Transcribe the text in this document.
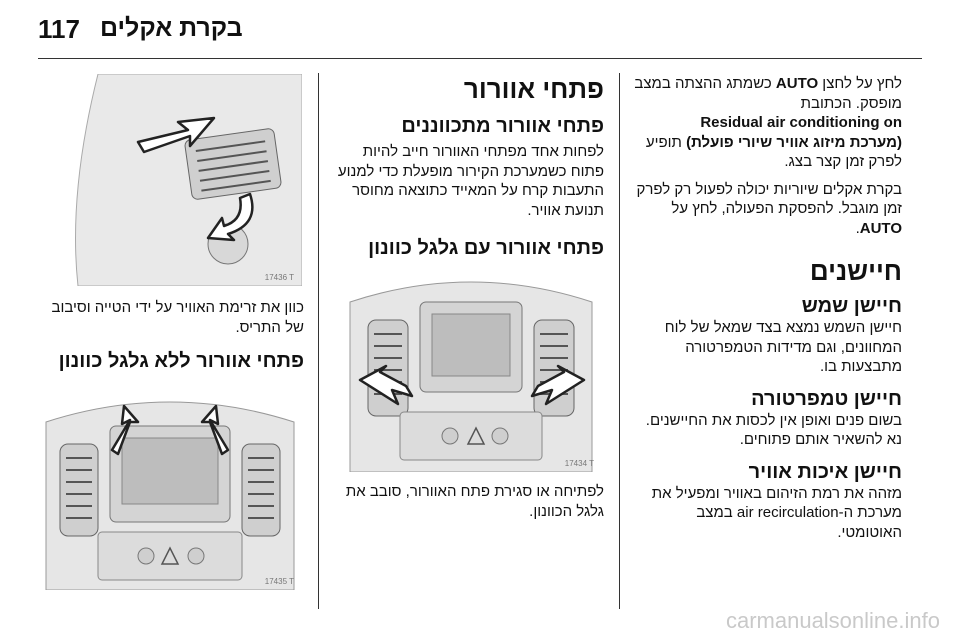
117 בקרת אקלים

לחץ על לחצן AUTO כשמתג ההצתה במצב מופסק. הכתובת
Residual air conditioning on
(מערכת מיזוג אוויר שיורי פועלת) תופיע לפרק זמן קצר בצג.

בקרת אקלים שיוריות יכולה לפעול רק לפרק זמן מוגבל. להפסקת הפעולה, לחץ על AUTO.

חיישנים
חיישן שמש

חיישן השמש נמצא בצד שמאל של לוח המחוונים, וגם מדידות הטמפרטורה מתבצעות בו.

חיישן טמפרטורה

בשום פנים ואופן אין לכסות את החיישנים. נא להשאיר אותם פתוחים.

חיישן איכות אוויר

מזהה את רמת הזיהום באוויר ומפעיל את מערכת ה-air recirculation במצב האוטומטי.

פתחי אוורור
פתחי אוורור מתכווננים

לפחות אחד מפתחי האוורור חייב להיות פתוח כשמערכת הקירור מופעלת כדי למנוע התעבות קרח על המאייד כתוצאה מחוסר תנועת אוויר.

פתחי אוורור עם גלגל כוונון
17434 T

לפתיחה או סגירת פתח האוורור, סובב את גלגל הכוונון.

17436 T

כוון את זרימת האוויר על ידי הטייה וסיבוב של התריס.

פתחי אוורור ללא גלגל כוונון
17435 T
carmanualsonline.info
